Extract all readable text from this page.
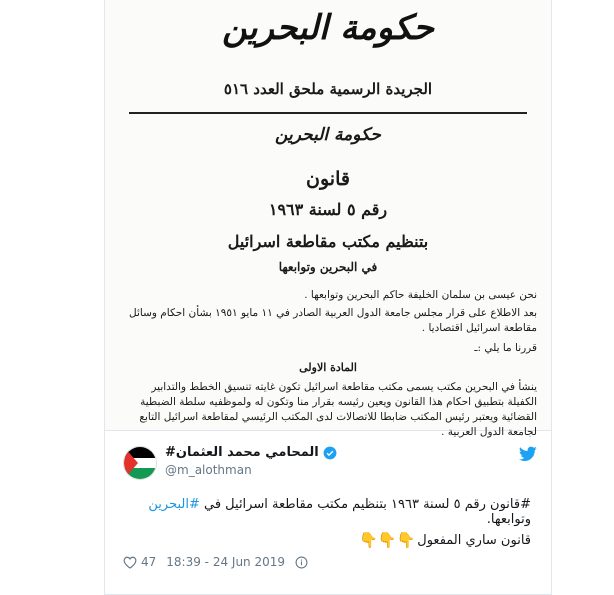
حكومة البحرين
الجريدة الرسمية ملحق العدد ٥١٦
حكومة البحرين
قانون
رقم ٥ لسنة ١٩٦٣
بتنظيم مكتب مقاطعة اسرائيل
في البحرين وتوابعها
نحن عيسى بن سلمان الخليفة حاكم البحرين وتوابعها .
بعد الاطلاع على قرار مجلس جامعة الدول العربية الصادر في ١١ مايو ١٩٥١ بشأن احكام وسائل مقاطعة اسرائيل اقتصاديا .
قررنا ما يلي :ـ
المادة الاولى
ينشأ في البحرين مكتب يسمى مكتب مقاطعة اسرائيل تكون غايته تنسيق الخطط والتدابير الكفيلة بتطبيق احكام هذا القانون ويعين رئيسه بقرار منا وتكون له ولموظفيه سلطة الضبطية القضائية ويعتبر رئيس المكتب ضابطا للاتصالات لدى المكتب الرئيسي لمقاطعة اسرائيل التابع لجامعة الدول العربية .
المحامي محمد العثمان#
@m_alothman
#قانون رقم ٥ لسنة ١٩٦٣ بتنظيم مكتب مقاطعة اسرائيل في #البحرين وتوابعها.
قانون ساري المفعول
👇👇👇
47 18:39 - 24 Jun 2019
